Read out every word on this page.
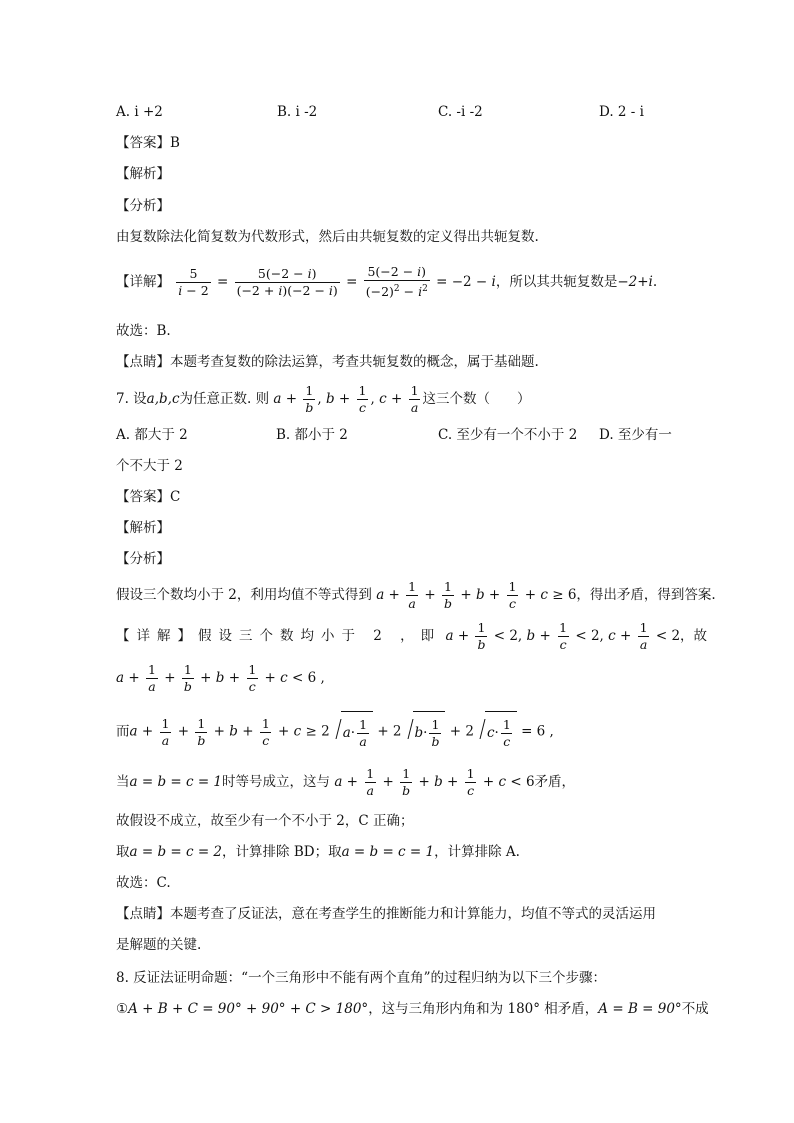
A. i +2	B. i -2	C. -i -2	D. 2 - i
【答案】B
【解析】
【分析】
由复数除法化简复数为代数形式，然后由共轭复数的定义得出共轭复数.
【详解】 $\frac{5}{i - 2} = \frac{5(-2 - i)}{(-2 + i)(-2 - i)} = \frac{5(-2 - i)}{(-2)^2 - i^2} = -2 - i$，所以其共轭复数是−2+i.
故选：B.
【点睛】本题考查复数的除法运算，考查共轭复数的概念，属于基础题.
7. 设a,b,c为任意正数. 则 $a + \frac{1}{b}$ , $b + \frac{1}{c}$ , $c + \frac{1}{a}$ 这三个数（　　）
A. 都大于 2	B. 都小于 2	C. 至少有一个不小于 2	D. 至少有一
个不大于 2
【答案】C
【解析】
【分析】
假设三个数均小于 2，利用均值不等式得到 $a + \frac{1}{a} + \frac{1}{b} + b + \frac{1}{c} + c \ge 6$，得出矛盾，得到答案.
【详解】假设三个数均小于 2 ，即 $a + \frac{1}{b} < 2$, $b + \frac{1}{c} < 2$, $c + \frac{1}{a} < 2$，故
$a + \frac{1}{a} + \frac{1}{b} + b + \frac{1}{c} + c < 6$ ,
而$a + \frac{1}{a} + \frac{1}{b} + b + \frac{1}{c} + c \ge 2$ $a \cdot \frac{1}{a} + 2$ $b \cdot \frac{1}{b} + 2$ $c \cdot \frac{1}{c} = 6$ ,
当a = b = c = 1时等号成立，这与 $a + \frac{1}{a} + \frac{1}{b} + b + \frac{1}{c} + c < 6$矛盾，
故假设不成立，故至少有一个不小于 2，C 正确；
取a = b = c = 2，计算排除 BD；取a = b = c = 1，计算排除 A.
故选：C.
【点睛】本题考查了反证法，意在考查学生的推断能力和计算能力，均值不等式的灵活运用
是解题的关键.
8. 反证法证明命题：“一个三角形中不能有两个直角”的过程归纳为以下三个步骤：
①A + B + C = 90° + 90° + C > 180°，这与三角形内角和为 180° 相矛盾，A = B = 90°不成
